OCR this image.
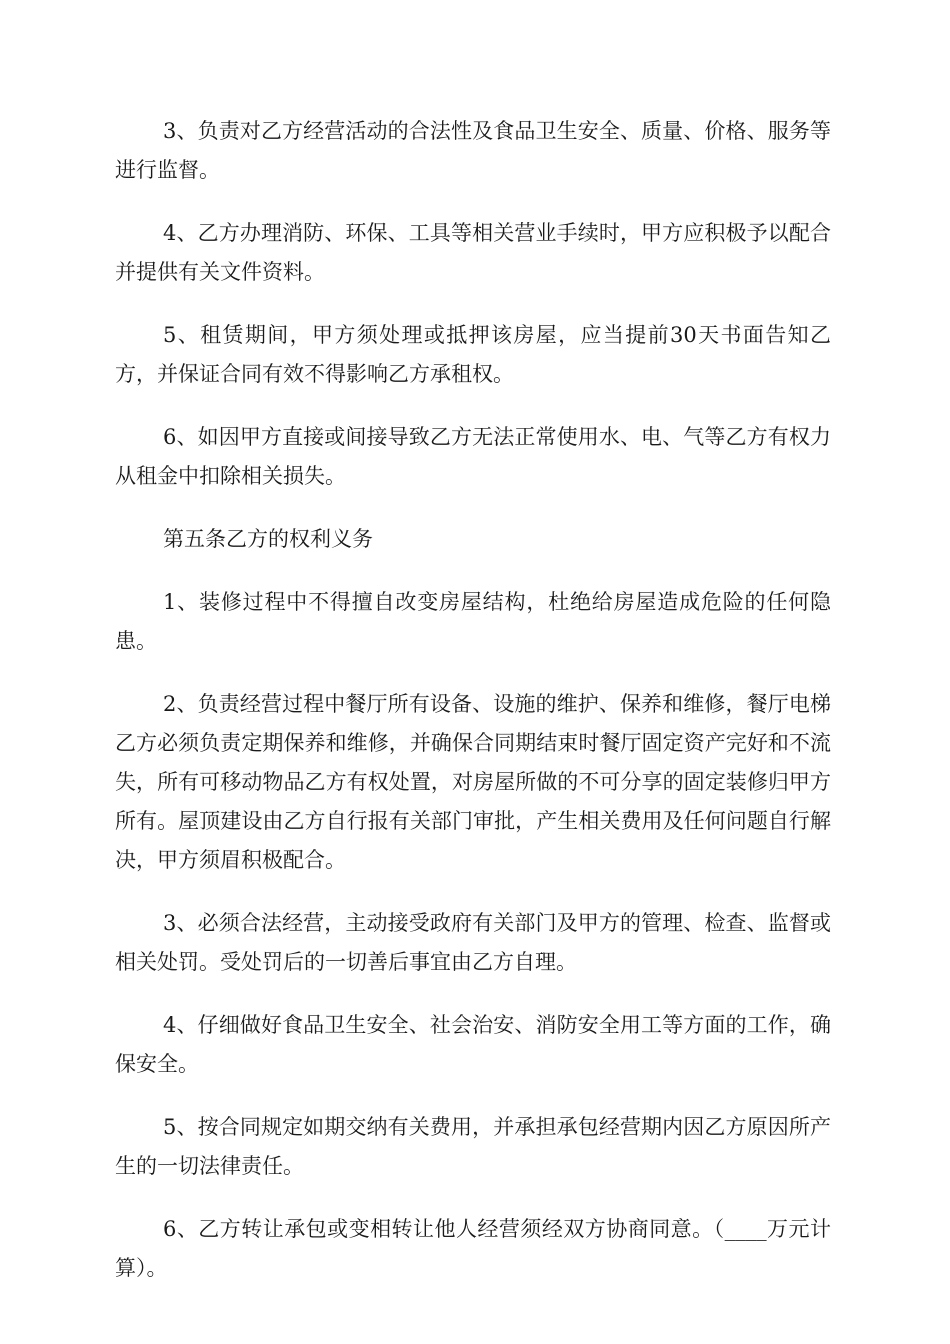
3、负责对乙方经营活动的合法性及食品卫生安全、质量、价格、服务等进行监督。

4、乙方办理消防、环保、工具等相关营业手续时，甲方应积极予以配合并提供有关文件资料。

5、租赁期间，甲方须处理或抵押该房屋，应当提前30天书面告知乙方，并保证合同有效不得影响乙方承租权。

6、如因甲方直接或间接导致乙方无法正常使用水、电、气等乙方有权力从租金中扣除相关损失。

第五条乙方的权利义务

1、装修过程中不得擅自改变房屋结构，杜绝给房屋造成危险的任何隐患。

2、负责经营过程中餐厅所有设备、设施的维护、保养和维修，餐厅电梯乙方必须负责定期保养和维修，并确保合同期结束时餐厅固定资产完好和不流失，所有可移动物品乙方有权处置，对房屋所做的不可分享的固定装修归甲方所有。屋顶建设由乙方自行报有关部门审批，产生相关费用及任何问题自行解决，甲方须眉积极配合。

3、必须合法经营，主动接受政府有关部门及甲方的管理、检查、监督或相关处罚。受处罚后的一切善后事宜由乙方自理。

4、仔细做好食品卫生安全、社会治安、消防安全用工等方面的工作，确保安全。

5、按合同规定如期交纳有关费用，并承担承包经营期内因乙方原因所产生的一切法律责任。

6、乙方转让承包或变相转让他人经营须经双方协商同意。（____万元计算）。
